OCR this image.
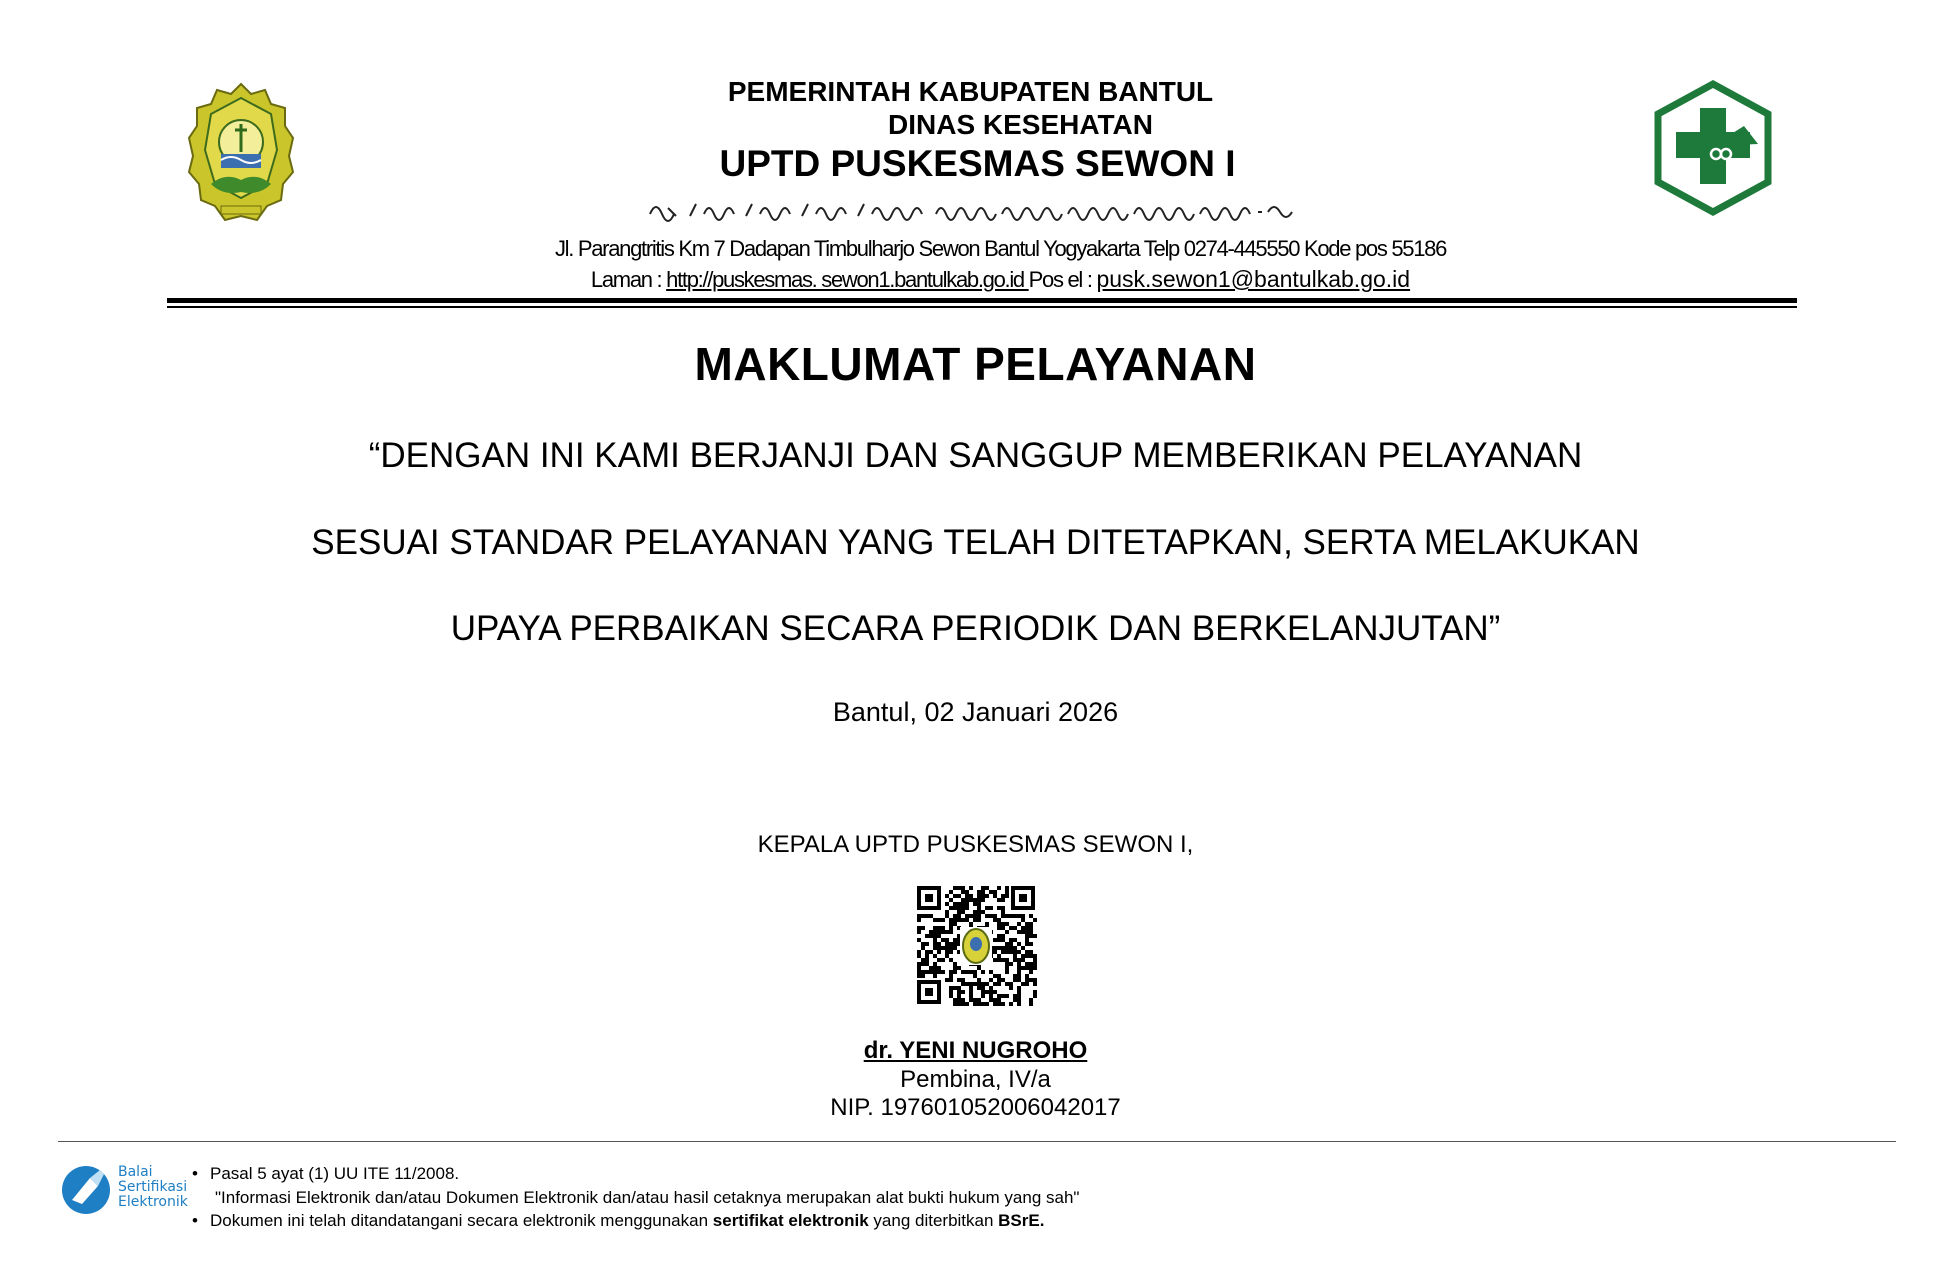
PEMERINTAH KABUPATEN BANTUL
DINAS KESEHATAN
UPTD PUSKESMAS SEWON I
Jl. Parangtritis Km 7 Dadapan Timbulharjo Sewon Bantul Yogyakarta Telp 0274-445550 Kode pos 55186
Laman : http://puskesmas. sewon1.bantulkab.go.id Pos el : pusk.sewon1@bantulkab.go.id
MAKLUMAT PELAYANAN
“DENGAN INI KAMI BERJANJI DAN SANGGUP MEMBERIKAN PELAYANAN
SESUAI STANDAR PELAYANAN YANG TELAH DITETAPKAN, SERTA MELAKUKAN
UPAYA PERBAIKAN SECARA PERIODIK DAN BERKELANJUTAN”
Bantul, 02 Januari 2026
KEPALA UPTD PUSKESMAS SEWON I,
dr. YENI NUGROHO
Pembina, IV/a
NIP. 197601052006042017
Balai
Sertifikasi
Elektronik
• Pasal 5 ayat (1) UU ITE 11/2008.
"Informasi Elektronik dan/atau Dokumen Elektronik dan/atau hasil cetaknya merupakan alat bukti hukum yang sah"
• Dokumen ini telah ditandatangani secara elektronik menggunakan sertifikat elektronik yang diterbitkan BSrE.
